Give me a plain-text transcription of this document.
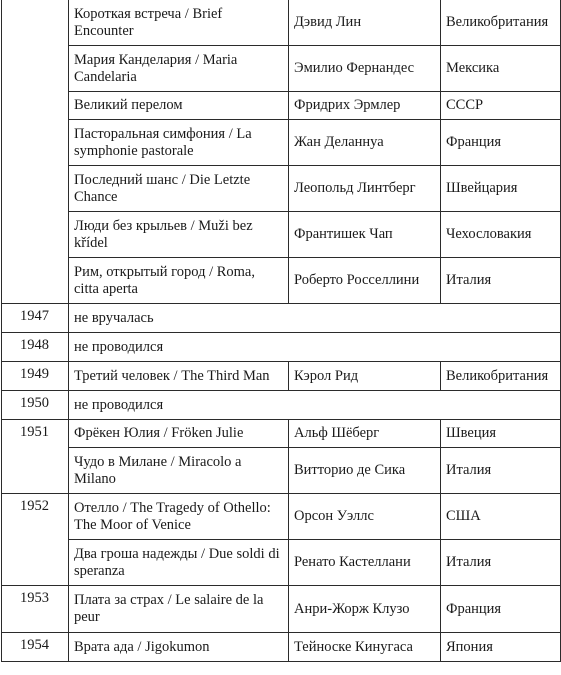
	Короткая встреча / Brief Encounter	Дэвид Лин	Великобритания
	Мария Канделария / Maria Candelaria	Эмилио Фернандес	Мексика
	Великий перелом	Фридрих Эрмлер	СССР
	Пасторальная симфония / La symphonie pastorale	Жан Деланнуа	Франция
	Последний шанс / Die Letzte Chance	Леопольд Линтберг	Швейцария
	Люди без крыльев / Muži bez křídel	Франтишек Чап	Чехословакия
	Рим, открытый город / Roma, citta aperta	Роберто Росселлини	Италия
1947	не вручалась		
1948	не проводился		
1949	Третий человек / The Third Man	Кэрол Рид	Великобритания
1950	не проводился		
1951	Фрёкен Юлия / Fröken Julie	Альф Шёберг	Швеция
	Чудо в Милане / Miracolo a Milano	Витторио де Сика	Италия
1952	Отелло / The Tragedy of Othello: The Moor of Venice	Орсон Уэллс	США
	Два гроша надежды / Due soldi di speranza	Ренато Кастеллани	Италия
1953	Плата за страх / Le salaire de la peur	Анри-Жорж Клузо	Франция
1954	Врата ада / Jigokumon	Тейноске Кинугаса	Япония
